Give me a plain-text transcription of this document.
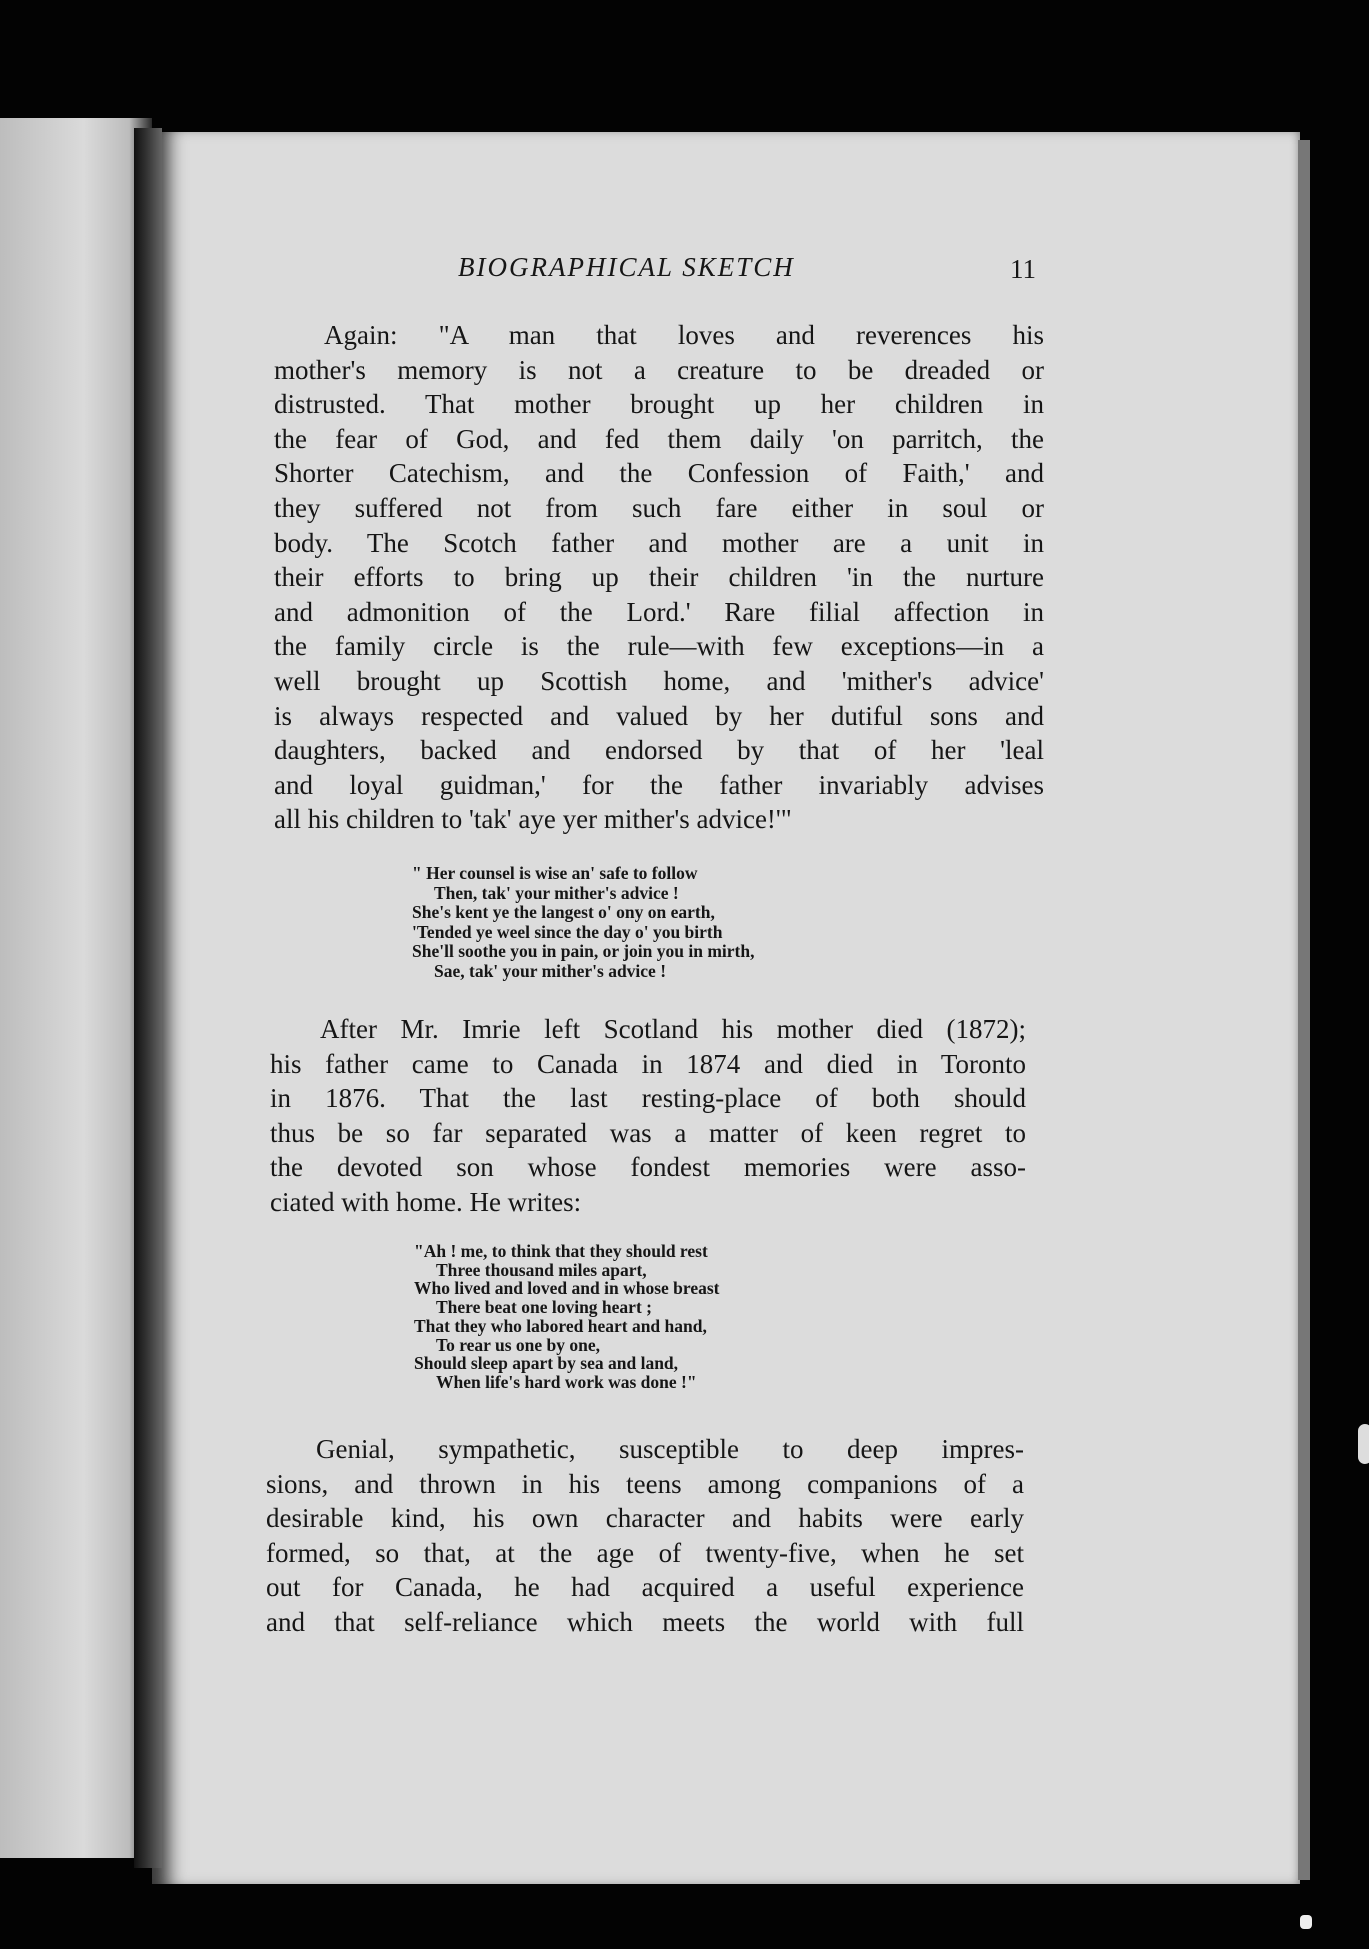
BIOGRAPHICAL SKETCH	11
Again: "A man that loves and reverences his
mother's memory is not a creature to be dreaded or
distrusted. That mother brought up her children in
the fear of God, and fed them daily 'on parritch, the
Shorter Catechism, and the Confession of Faith,' and
they suffered not from such fare either in soul or
body. The Scotch father and mother are a unit in
their efforts to bring up their children 'in the nurture
and admonition of the Lord.' Rare filial affection in
the family circle is the rule—with few exceptions—in a
well brought up Scottish home, and 'mither's advice'
is always respected and valued by her dutiful sons and
daughters, backed and endorsed by that of her 'leal
and loyal guidman,' for the father invariably advises
all his children to 'tak' aye yer mither's advice!'"
" Her counsel is wise an' safe to follow
Then, tak' your mither's advice !
She's kent ye the langest o' ony on earth,
'Tended ye weel since the day o' you birth
She'll soothe you in pain, or join you in mirth,
Sae, tak' your mither's advice !
After Mr. Imrie left Scotland his mother died (1872);
his father came to Canada in 1874 and died in Toronto
in 1876. That the last resting-place of both should
thus be so far separated was a matter of keen regret to
the devoted son whose fondest memories were asso-
ciated with home. He writes:
"Ah ! me, to think that they should rest
Three thousand miles apart,
Who lived and loved and in whose breast
There beat one loving heart ;
That they who labored heart and hand,
To rear us one by one,
Should sleep apart by sea and land,
When life's hard work was done !"
Genial, sympathetic, susceptible to deep impres-
sions, and thrown in his teens among companions of a
desirable kind, his own character and habits were early
formed, so that, at the age of twenty-five, when he set
out for Canada, he had acquired a useful experience
and that self-reliance which meets the world with full
